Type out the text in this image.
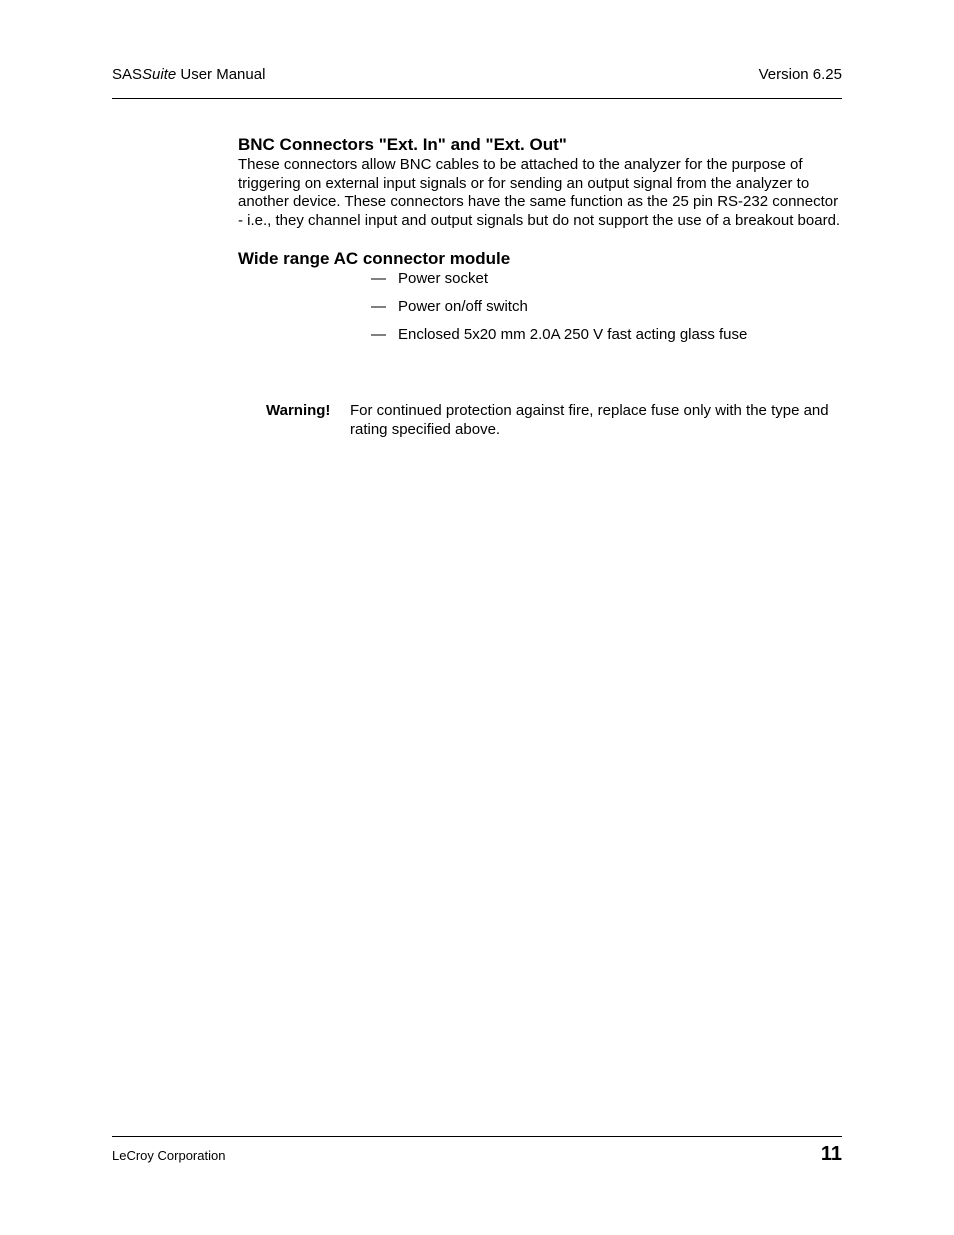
SASSuite User Manual	Version 6.25
BNC Connectors "Ext. In" and "Ext. Out"

These connectors allow BNC cables to be attached to the analyzer for the purpose of triggering on external input signals or for sending an output signal from the analyzer to another device. These connectors have the same function as the 25 pin RS-232 connector - i.e., they channel input and output signals but do not support the use of a breakout board.

Wide range AC connector module
— Power socket
— Power on/off switch
— Enclosed 5x20 mm 2.0A 250 V fast acting glass fuse
Warning! For continued protection against fire, replace fuse only with the type and rating specified above.
LeCroy Corporation	11
